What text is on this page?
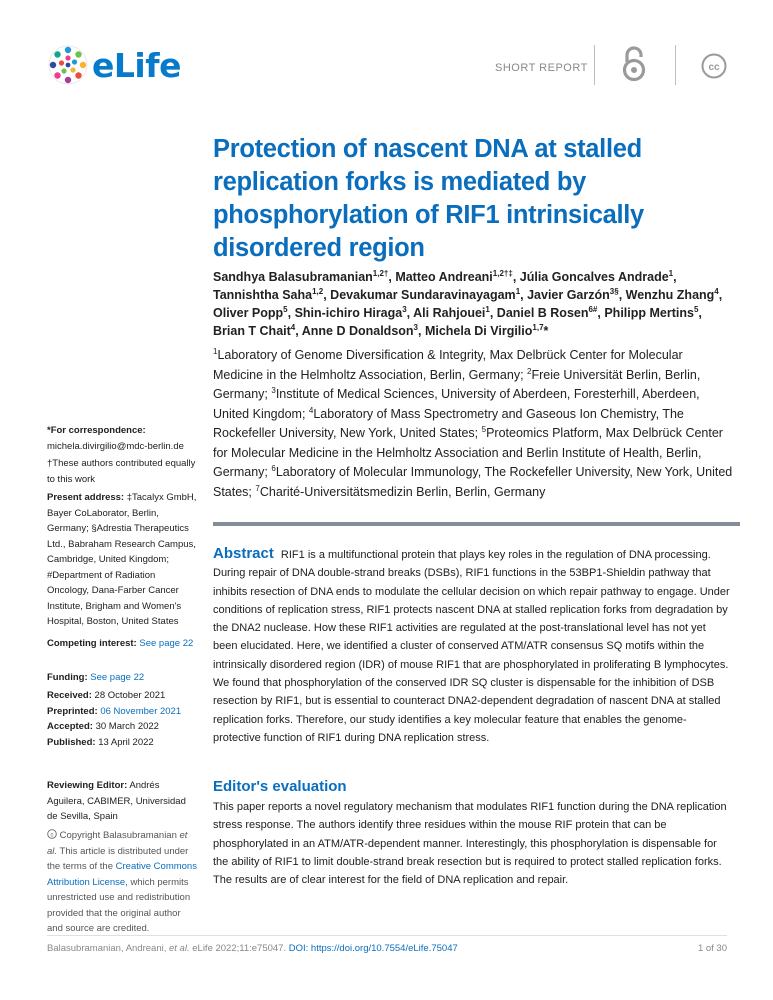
eLife	SHORT REPORT	cc
Protection of nascent DNA at stalled replication forks is mediated by phosphorylation of RIF1 intrinsically disordered region
Sandhya Balasubramanian$^{1,2\dagger}$, Matteo Andreani$^{1,2\dagger\ddagger}$, Júlia Goncalves Andrade$^1$, Tannishtha Saha$^{1,2}$, Devakumar Sundaravinayagam$^1$, Javier Garzón$^{3\S}$, Wenzhu Zhang$^4$, Oliver Popp$^5$, Shin-ichiro Hiraga$^3$, Ali Rahjouei$^1$, Daniel B Rosen$^{6\#}$, Philipp Mertins$^5$, Brian T Chait$^4$, Anne D Donaldson$^3$, Michela Di Virgilio$^{1,7}$*
$^1$Laboratory of Genome Diversification & Integrity, Max Delbrück Center for Molecular Medicine in the Helmholtz Association, Berlin, Germany; $^2$Freie Universität Berlin, Berlin, Germany; $^3$Institute of Medical Sciences, University of Aberdeen, Foresterhill, Aberdeen, United Kingdom; $^4$Laboratory of Mass Spectrometry and Gaseous Ion Chemistry, The Rockefeller University, New York, United States; $^5$Proteomics Platform, Max Delbrück Center for Molecular Medicine in the Helmholtz Association and Berlin Institute of Health, Berlin, Germany; $^6$Laboratory of Molecular Immunology, The Rockefeller University, New York, United States; $^7$Charité-Universitätsmedizin Berlin, Berlin, Germany
Abstract RIF1 is a multifunctional protein that plays key roles in the regulation of DNA processing. During repair of DNA double-strand breaks (DSBs), RIF1 functions in the 53BP1-Shieldin pathway that inhibits resection of DNA ends to modulate the cellular decision on which repair pathway to engage. Under conditions of replication stress, RIF1 protects nascent DNA at stalled replication forks from degradation by the DNA2 nuclease. How these RIF1 activities are regulated at the post-translational level has not yet been elucidated. Here, we identified a cluster of conserved ATM/ATR consensus SQ motifs within the intrinsically disordered region (IDR) of mouse RIF1 that are phosphorylated in proliferating B lymphocytes. We found that phosphorylation of the conserved IDR SQ cluster is dispensable for the inhibition of DSB resection by RIF1, but is essential to counteract DNA2-dependent degradation of nascent DNA at stalled replication forks. Therefore, our study identifies a key molecular feature that enables the genome-protective function of RIF1 during DNA replication stress.
Editor's evaluation
This paper reports a novel regulatory mechanism that modulates RIF1 function during the DNA replication stress response. The authors identify three residues within the mouse RIF protein that can be phosphorylated in an ATM/ATR-dependent manner. Interestingly, this phosphorylation is dispensable for the ability of RIF1 to limit double-strand break resection but is required to protect stalled replication forks. The results are of clear interest for the field of DNA replication and repair.
*For correspondence:
michela.divirgilio@mdc-berlin.de
†These authors contributed equally to this work
Present address: ‡Tacalyx GmbH, Bayer CoLaborator, Berlin, Germany; §Adrestia Therapeutics Ltd., Babraham Research Campus, Cambridge, United Kingdom; #Department of Radiation Oncology, Dana-Farber Cancer Institute, Brigham and Women's Hospital, Boston, United States
Competing interest: See page 22
Funding: See page 22
Received: 28 October 2021
Preprinted: 06 November 2021
Accepted: 30 March 2022
Published: 13 April 2022
Reviewing Editor: Andrés Aguilera, CABIMER, Universidad de Sevilla, Spain
c Copyright Balasubramanian et al. This article is distributed under the terms of the Creative Commons Attribution License, which permits unrestricted use and redistribution provided that the original author and source are credited.
Balasubramanian, Andreani, et al. eLife 2022;11:e75047. DOI: https://doi.org/10.7554/eLife.75047	1 of 30
